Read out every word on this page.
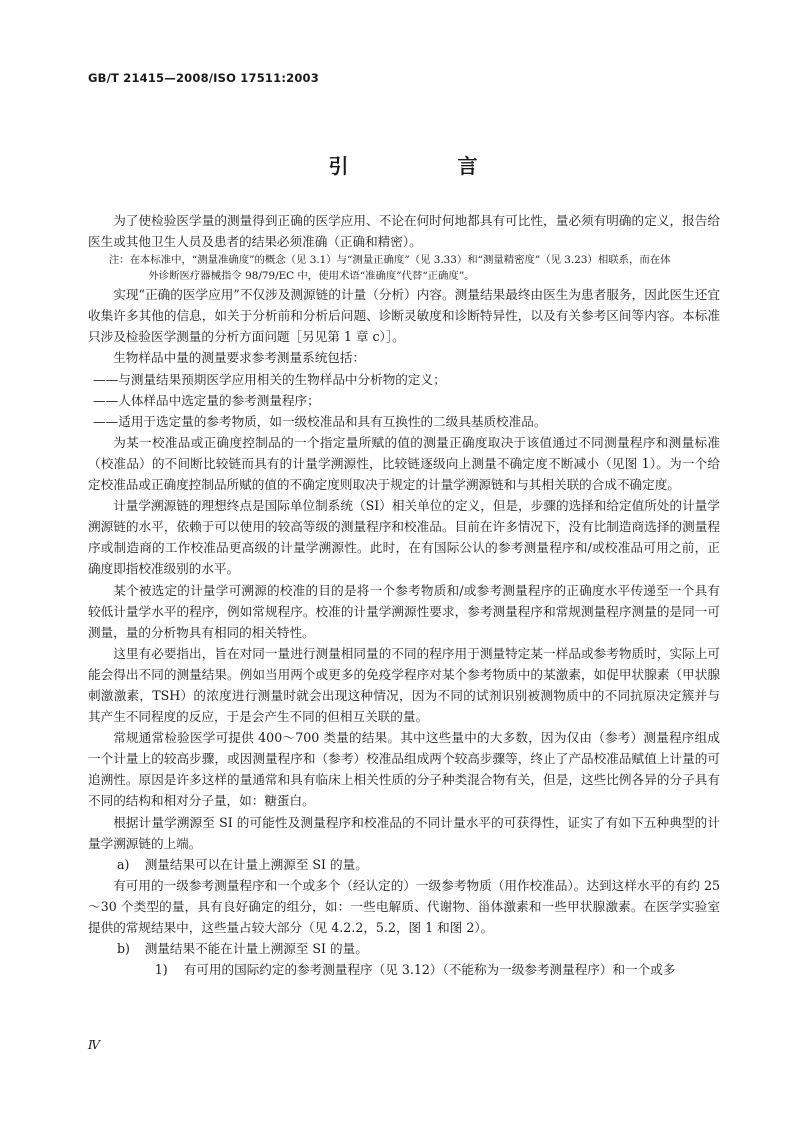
GB/T 21415—2008/ISO 17511:2003
引 言

为了使检验医学量的测量得到正确的医学应用、不论在何时何地都具有可比性，量必须有明确的定义，报告给医生或其他卫生人员及患者的结果必须准确（正确和精密）。

注：在本标准中，“测量准确度”的概念（见 3.1）与“测量正确度”（见 3.33）和“测量精密度”（见 3.23）相联系，而在体
外诊断医疗器械指令 98/79/EC 中，使用术语“准确度”代替“正确度”。

实现“正确的医学应用”不仅涉及测源链的计量（分析）内容。测量结果最终由医生为患者服务，因此医生还宜收集许多其他的信息，如关于分析前和分析后问题、诊断灵敏度和诊断特异性，以及有关参考区间等内容。本标准只涉及检验医学测量的分析方面问题［另见第 1 章 c）］。

生物样品中量的测量要求参考测量系统包括：

——与测量结果预期医学应用相关的生物样品中分析物的定义；

——人体样品中选定量的参考测量程序；

——适用于选定量的参考物质，如一级校准品和具有互换性的二级具基质校准品。

为某一校准品或正确度控制品的一个指定量所赋的值的测量正确度取决于该值通过不同测量程序和测量标准（校准品）的不间断比较链而具有的计量学溯源性，比较链逐级向上测量不确定度不断减小（见图 1）。为一个给定校准品或正确度控制品所赋的值的不确定度则取决于规定的计量学溯源链和与其相关联的合成不确定度。

计量学溯源链的理想终点是国际单位制系统（SI）相关单位的定义，但是，步骤的选择和给定值所处的计量学溯源链的水平，依赖于可以使用的较高等级的测量程序和校准品。目前在许多情况下，没有比制造商选择的测量程序或制造商的工作校准品更高级的计量学溯源性。此时，在有国际公认的参考测量程序和/或校准品可用之前，正确度即指校准级别的水平。

某个被选定的计量学可溯源的校准的目的是将一个参考物质和/或参考测量程序的正确度水平传递至一个具有较低计量学水平的程序，例如常规程序。校准的计量学溯源性要求，参考测量程序和常规测量程序测量的是同一可测量，量的分析物具有相同的相关特性。

这里有必要指出，旨在对同一量进行测量相同量的不同的程序用于测量特定某一样品或参考物质时，实际上可能会得出不同的测量结果。例如当用两个或更多的免疫学程序对某个参考物质中的某激素，如促甲状腺素（甲状腺刺激激素，TSH）的浓度进行测量时就会出现这种情况，因为不同的试剂识别被测物质中的不同抗原决定簇并与其产生不同程度的反应，于是会产生不同的但相互关联的量。

常规通常检验医学可提供 400～700 类量的结果。其中这些量中的大多数，因为仅由（参考）测量程序组成一个计量上的较高步骤，或因测量程序和（参考）校准品组成两个较高步骤等，终止了产品校准品赋值上计量的可追溯性。原因是许多这样的量通常和具有临床上相关性质的分子种类混合物有关，但是，这些比例各异的分子具有不同的结构和相对分子量，如：糖蛋白。

根据计量学溯源至 SI 的可能性及测量程序和校准品的不同计量水平的可获得性，证实了有如下五种典型的计量学溯源链的上端。

a) 测量结果可以在计量上溯源至 SI 的量。

有可用的一级参考测量程序和一个或多个（经认定的）一级参考物质（用作校准品）。达到这样水平的有约 25～30 个类型的量，具有良好确定的组分，如：一些电解质、代谢物、甾体激素和一些甲状腺激素。在医学实验室提供的常规结果中，这些量占较大部分（见 4.2.2，5.2，图 1 和图 2）。

b) 测量结果不能在计量上溯源至 SI 的量。

1) 有可用的国际约定的参考测量程序（见 3.12）（不能称为一级参考测量程序）和一个或多

Ⅳ
